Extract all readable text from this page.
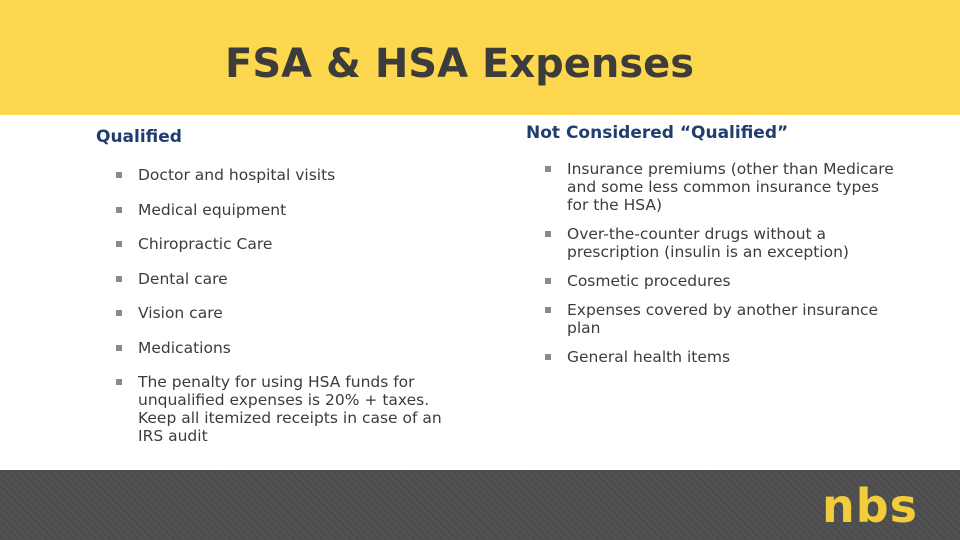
FSA & HSA Expenses
Qualified
Doctor and hospital visits
Medical equipment
Chiropractic Care
Dental care
Vision care
Medications
The penalty for using HSA funds for unqualified expenses is 20% + taxes. Keep all itemized receipts in case of an IRS audit
Not Considered “Qualified”
Insurance premiums (other than Medicare and some less common insurance types for the HSA)
Over-the-counter drugs without a prescription (insulin is an exception)
Cosmetic procedures
Expenses covered by another insurance plan
General health items
nbs
